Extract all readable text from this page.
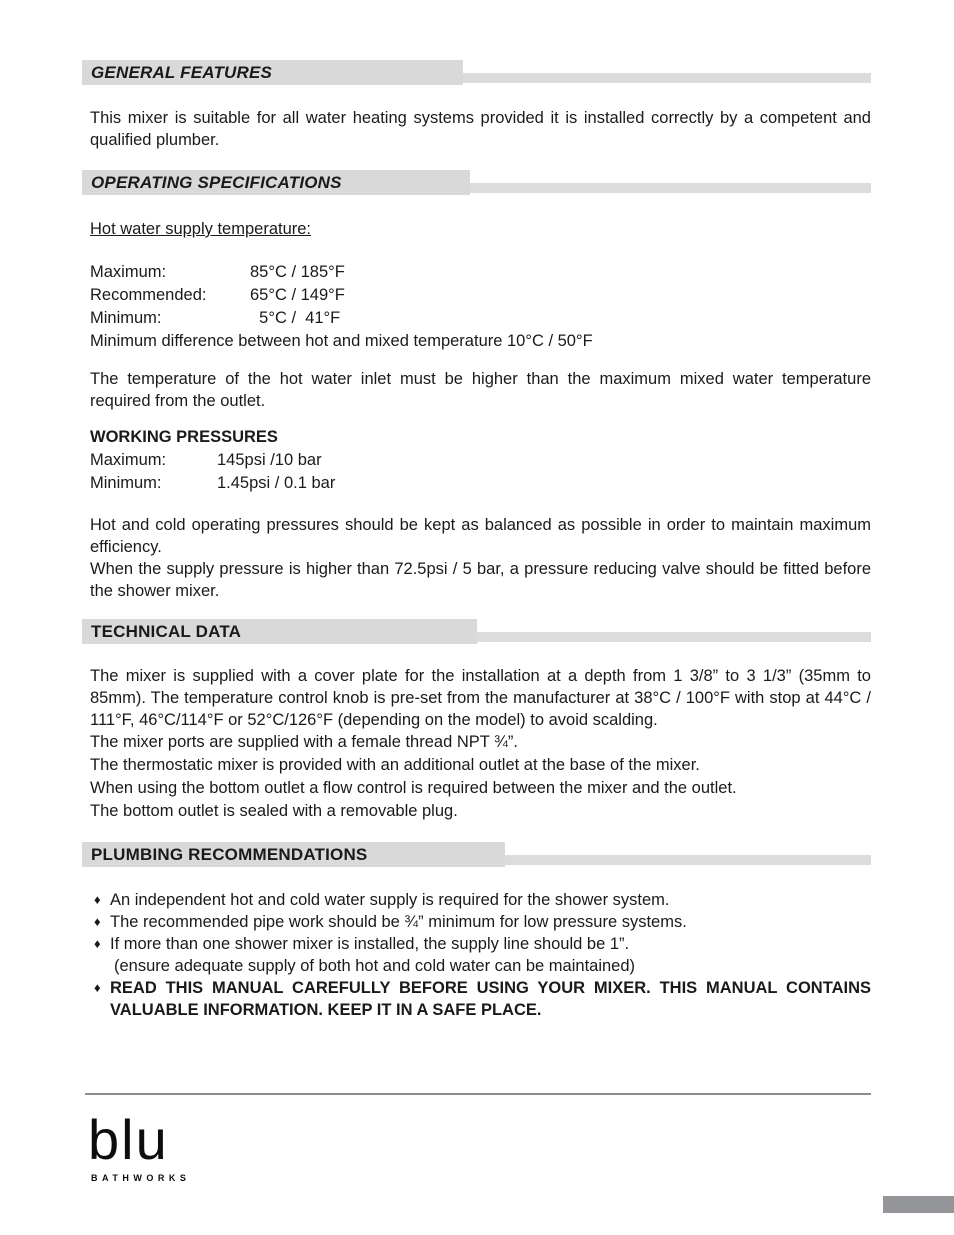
GENERAL FEATURES

This mixer is suitable for all water heating systems provided it is installed correctly by a competent and qualified plumber.

OPERATING SPECIFICATIONS
Hot water supply temperature:
Maximum:	85°C / 185°F
Recommended:	65°C / 149°F
Minimum:	5°C /  41°F
Minimum difference between hot and mixed temperature 10°C / 50°F

The temperature of the hot water inlet must be higher than the maximum mixed water temperature required from the outlet.

WORKING PRESSURES
Maximum:	145psi /10 bar
Minimum:	1.45psi / 0.1 bar

Hot and cold operating pressures should be kept as balanced as possible in order to maintain maximum efficiency.

When the supply pressure is higher than 72.5psi / 5 bar, a pressure reducing valve should be fitted before the shower mixer.

TECHNICAL DATA

The mixer is supplied with a cover plate for the installation at a depth from 1 3/8” to 3 1/3” (35mm to 85mm). The temperature control knob is pre-set from the manufacturer at 38°C / 100°F with stop at 44°C / 111°F, 46°C/114°F or 52°C/126°F (depending on the model) to avoid scalding.

The mixer ports are supplied with a female thread NPT ¾”.
The thermostatic mixer is provided with an additional outlet at the base of the mixer.
When using the bottom outlet a flow control is required between the mixer and the outlet.
The bottom outlet is sealed with a removable plug.
PLUMBING RECOMMENDATIONS
♦ An independent hot and cold water supply is required for the shower system.
♦ The recommended pipe work should be ¾” minimum for low pressure systems.
♦ If more than one shower mixer is installed, the supply line should be 1”.
(ensure adequate supply of both hot and cold water can be maintained)
♦ READ THIS MANUAL CAREFULLY BEFORE USING YOUR MIXER. THIS MANUAL CONTAINS VALUABLE INFORMATION. KEEP IT IN A SAFE PLACE.
blu
BATHWORKS
